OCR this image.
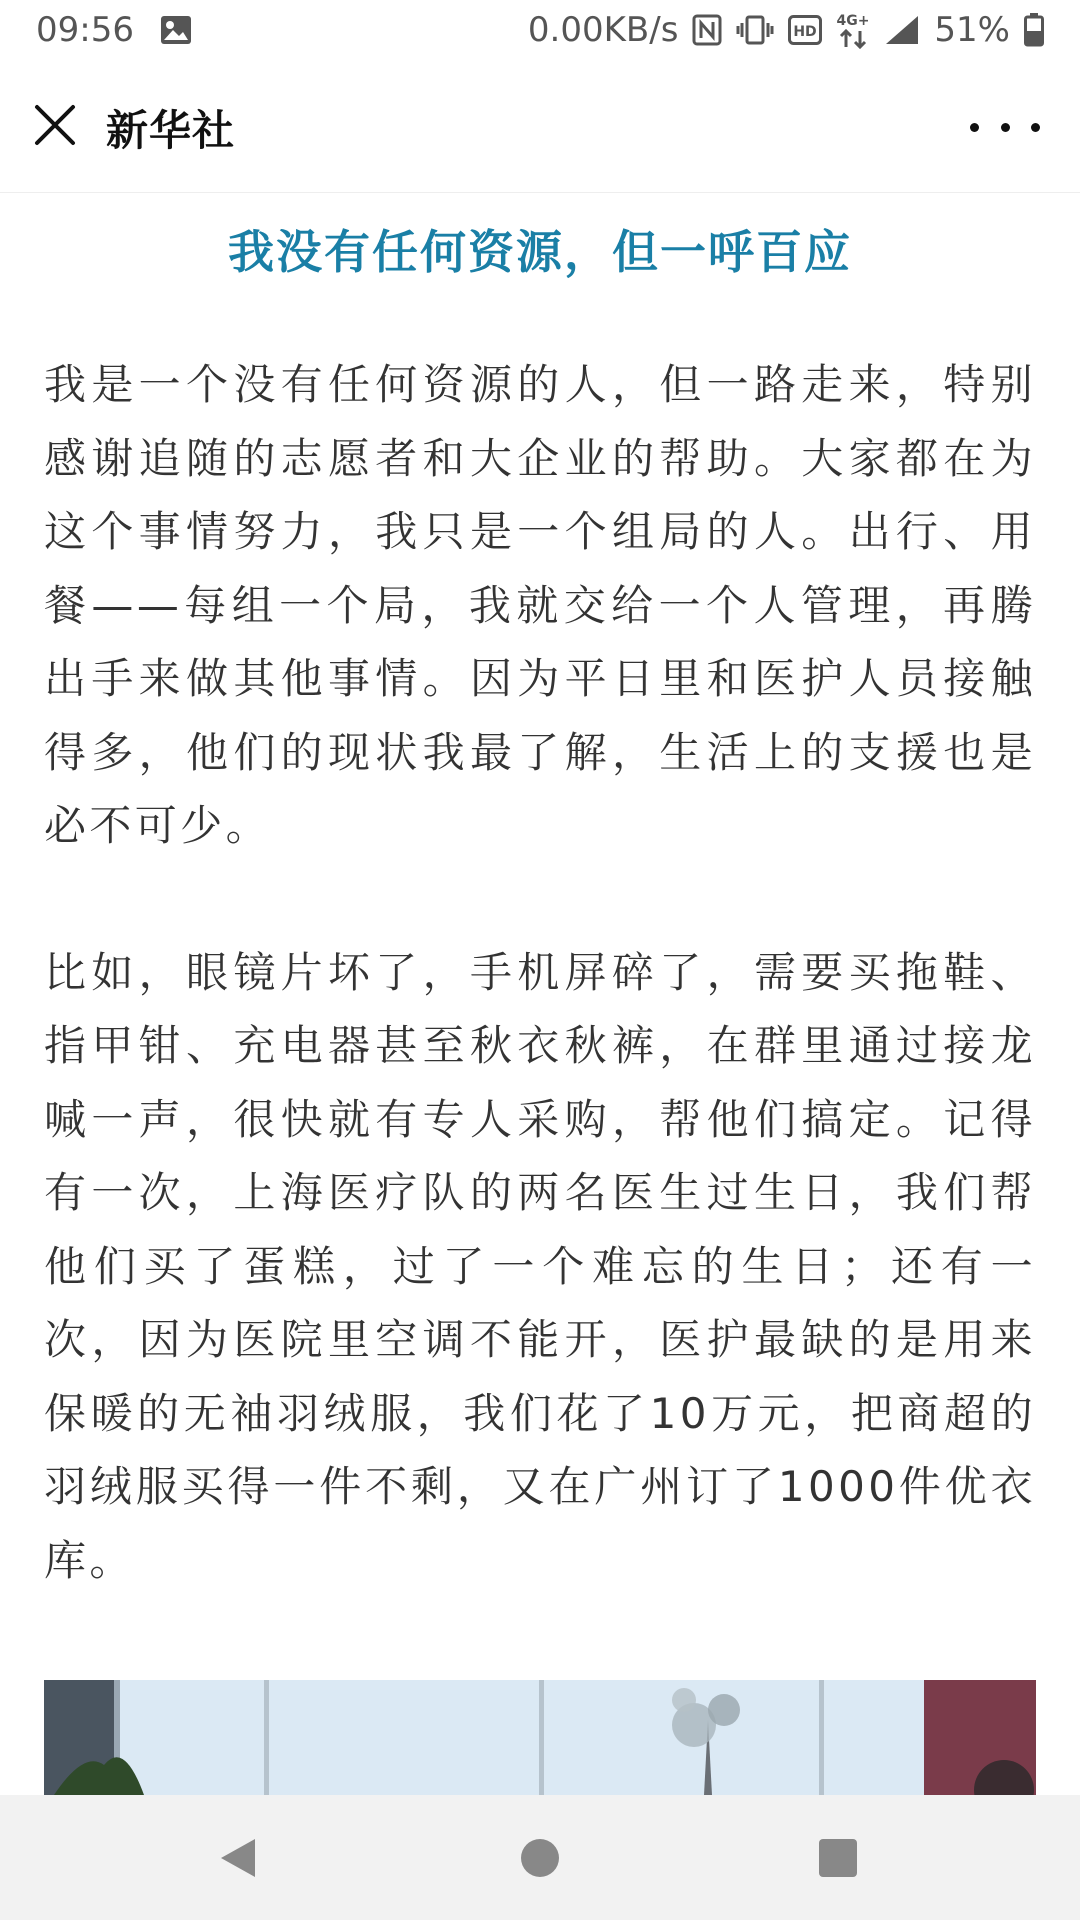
09:56	0.00KB/s	HD
4G+ 51%
新华社
我没有任何资源，但一呼百应

我是一个没有任何资源的人，但一路走来，特别感谢追随的志愿者和大企业的帮助。大家都在为这个事情努力，我只是一个组局的人。出行、用餐——每组一个局，我就交给一个人管理，再腾出手来做其他事情。因为平日里和医护人员接触得多，他们的现状我最了解，生活上的支援也是必不可少。

比如，眼镜片坏了，手机屏碎了，需要买拖鞋、指甲钳、充电器甚至秋衣秋裤，在群里通过接龙喊一声，很快就有专人采购，帮他们搞定。记得有一次，上海医疗队的两名医生过生日，我们帮他们买了蛋糕，过了一个难忘的生日；还有一次，因为医院里空调不能开，医护最缺的是用来保暖的无袖羽绒服，我们花了10万元，把商超的羽绒服买得一件不剩，又在广州订了1000件优衣库。
